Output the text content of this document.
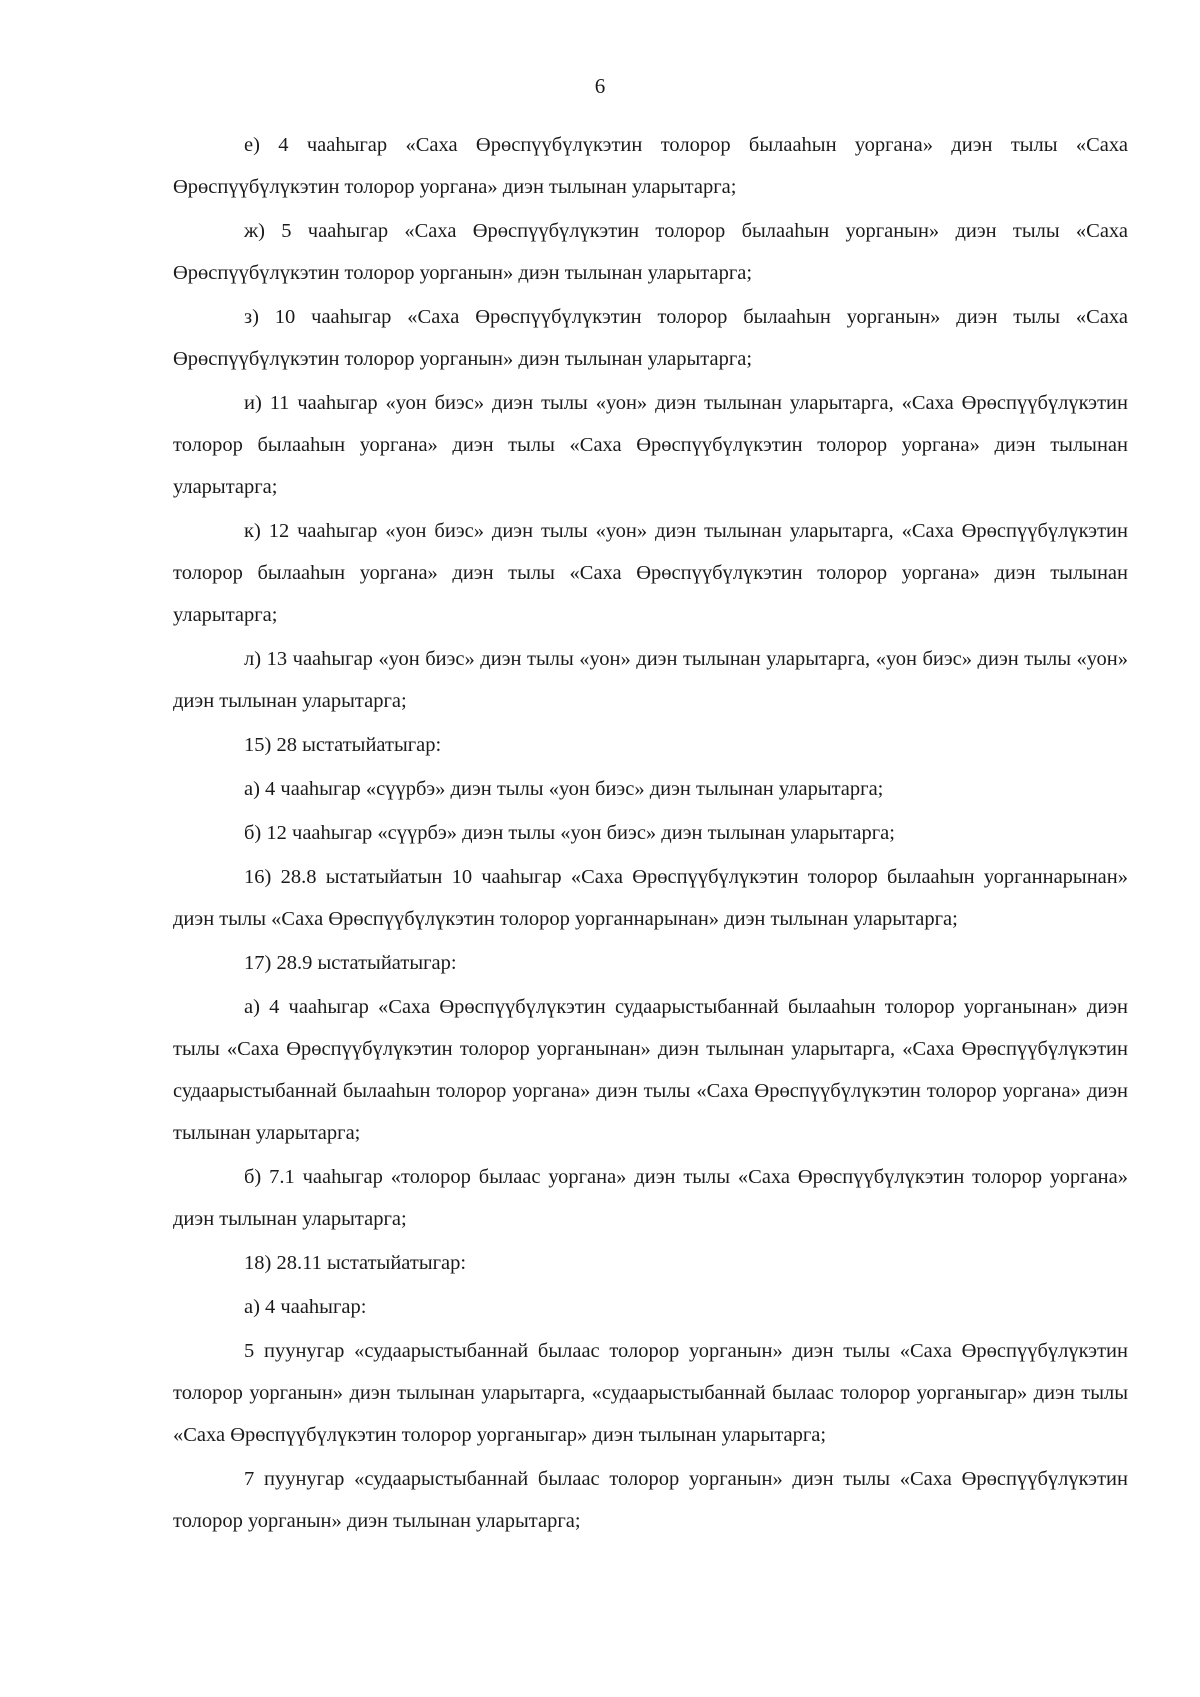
6

е) 4 чааһыгар «Саха Өрөспүүбүлүкэтин толорор былааһын уоргана» диэн тылы «Саха Өрөспүүбүлүкэтин толорор уоргана» диэн тылынан уларытарга;

ж) 5 чааһыгар «Саха Өрөспүүбүлүкэтин толорор былааһын уорганын» диэн тылы «Саха Өрөспүүбүлүкэтин толорор уорганын» диэн тылынан уларытарга;

з) 10 чааһыгар «Саха Өрөспүүбүлүкэтин толорор былааһын уорганын» диэн тылы «Саха Өрөспүүбүлүкэтин толорор уорганын» диэн тылынан уларытарга;

и) 11 чааһыгар «уон биэс» диэн тылы «уон» диэн тылынан уларытарга, «Саха Өрөспүүбүлүкэтин толорор былааһын уоргана» диэн тылы «Саха Өрөспүүбүлүкэтин толорор уоргана» диэн тылынан уларытарга;

к) 12 чааһыгар «уон биэс» диэн тылы «уон» диэн тылынан уларытарга, «Саха Өрөспүүбүлүкэтин толорор былааһын уоргана» диэн тылы «Саха Өрөспүүбүлүкэтин толорор уоргана» диэн тылынан уларытарга;

л) 13 чааһыгар «уон биэс» диэн тылы «уон» диэн тылынан уларытарга, «уон биэс» диэн тылы «уон» диэн тылынан уларытарга;

15) 28 ыстатыйатыгар:

а) 4 чааһыгар «сүүрбэ» диэн тылы «уон биэс» диэн тылынан уларытарга;

б) 12 чааһыгар «сүүрбэ» диэн тылы «уон биэс» диэн тылынан уларытарга;

16) 28.8 ыстатыйатын 10 чааһыгар «Саха Өрөспүүбүлүкэтин толорор былааһын уорганнарынан» диэн тылы «Саха Өрөспүүбүлүкэтин толорор уорганнарынан» диэн тылынан уларытарга;

17) 28.9 ыстатыйатыгар:

а) 4 чааһыгар «Саха Өрөспүүбүлүкэтин судаарыстыбаннай былааһын толорор уорганынан» диэн тылы «Саха Өрөспүүбүлүкэтин толорор уорганынан» диэн тылынан уларытарга, «Саха Өрөспүүбүлүкэтин судаарыстыбаннай былааһын толорор уоргана» диэн тылы «Саха Өрөспүүбүлүкэтин толорор уоргана» диэн тылынан уларытарга;

б) 7.1 чааһыгар «толорор былаас уоргана» диэн тылы «Саха Өрөспүүбүлүкэтин толорор уоргана» диэн тылынан уларытарга;

18) 28.11 ыстатыйатыгар:

а) 4 чааһыгар:

5 пуунугар «судаарыстыбаннай былаас толорор уорганын» диэн тылы «Саха Өрөспүүбүлүкэтин толорор уорганын» диэн тылынан уларытарга, «судаарыстыбаннай былаас толорор уорганыгар» диэн тылы «Саха Өрөспүүбүлүкэтин толорор уорганыгар» диэн тылынан уларытарга;

7 пуунугар «судаарыстыбаннай былаас толорор уорганын» диэн тылы «Саха Өрөспүүбүлүкэтин толорор уорганын» диэн тылынан уларытарга;
